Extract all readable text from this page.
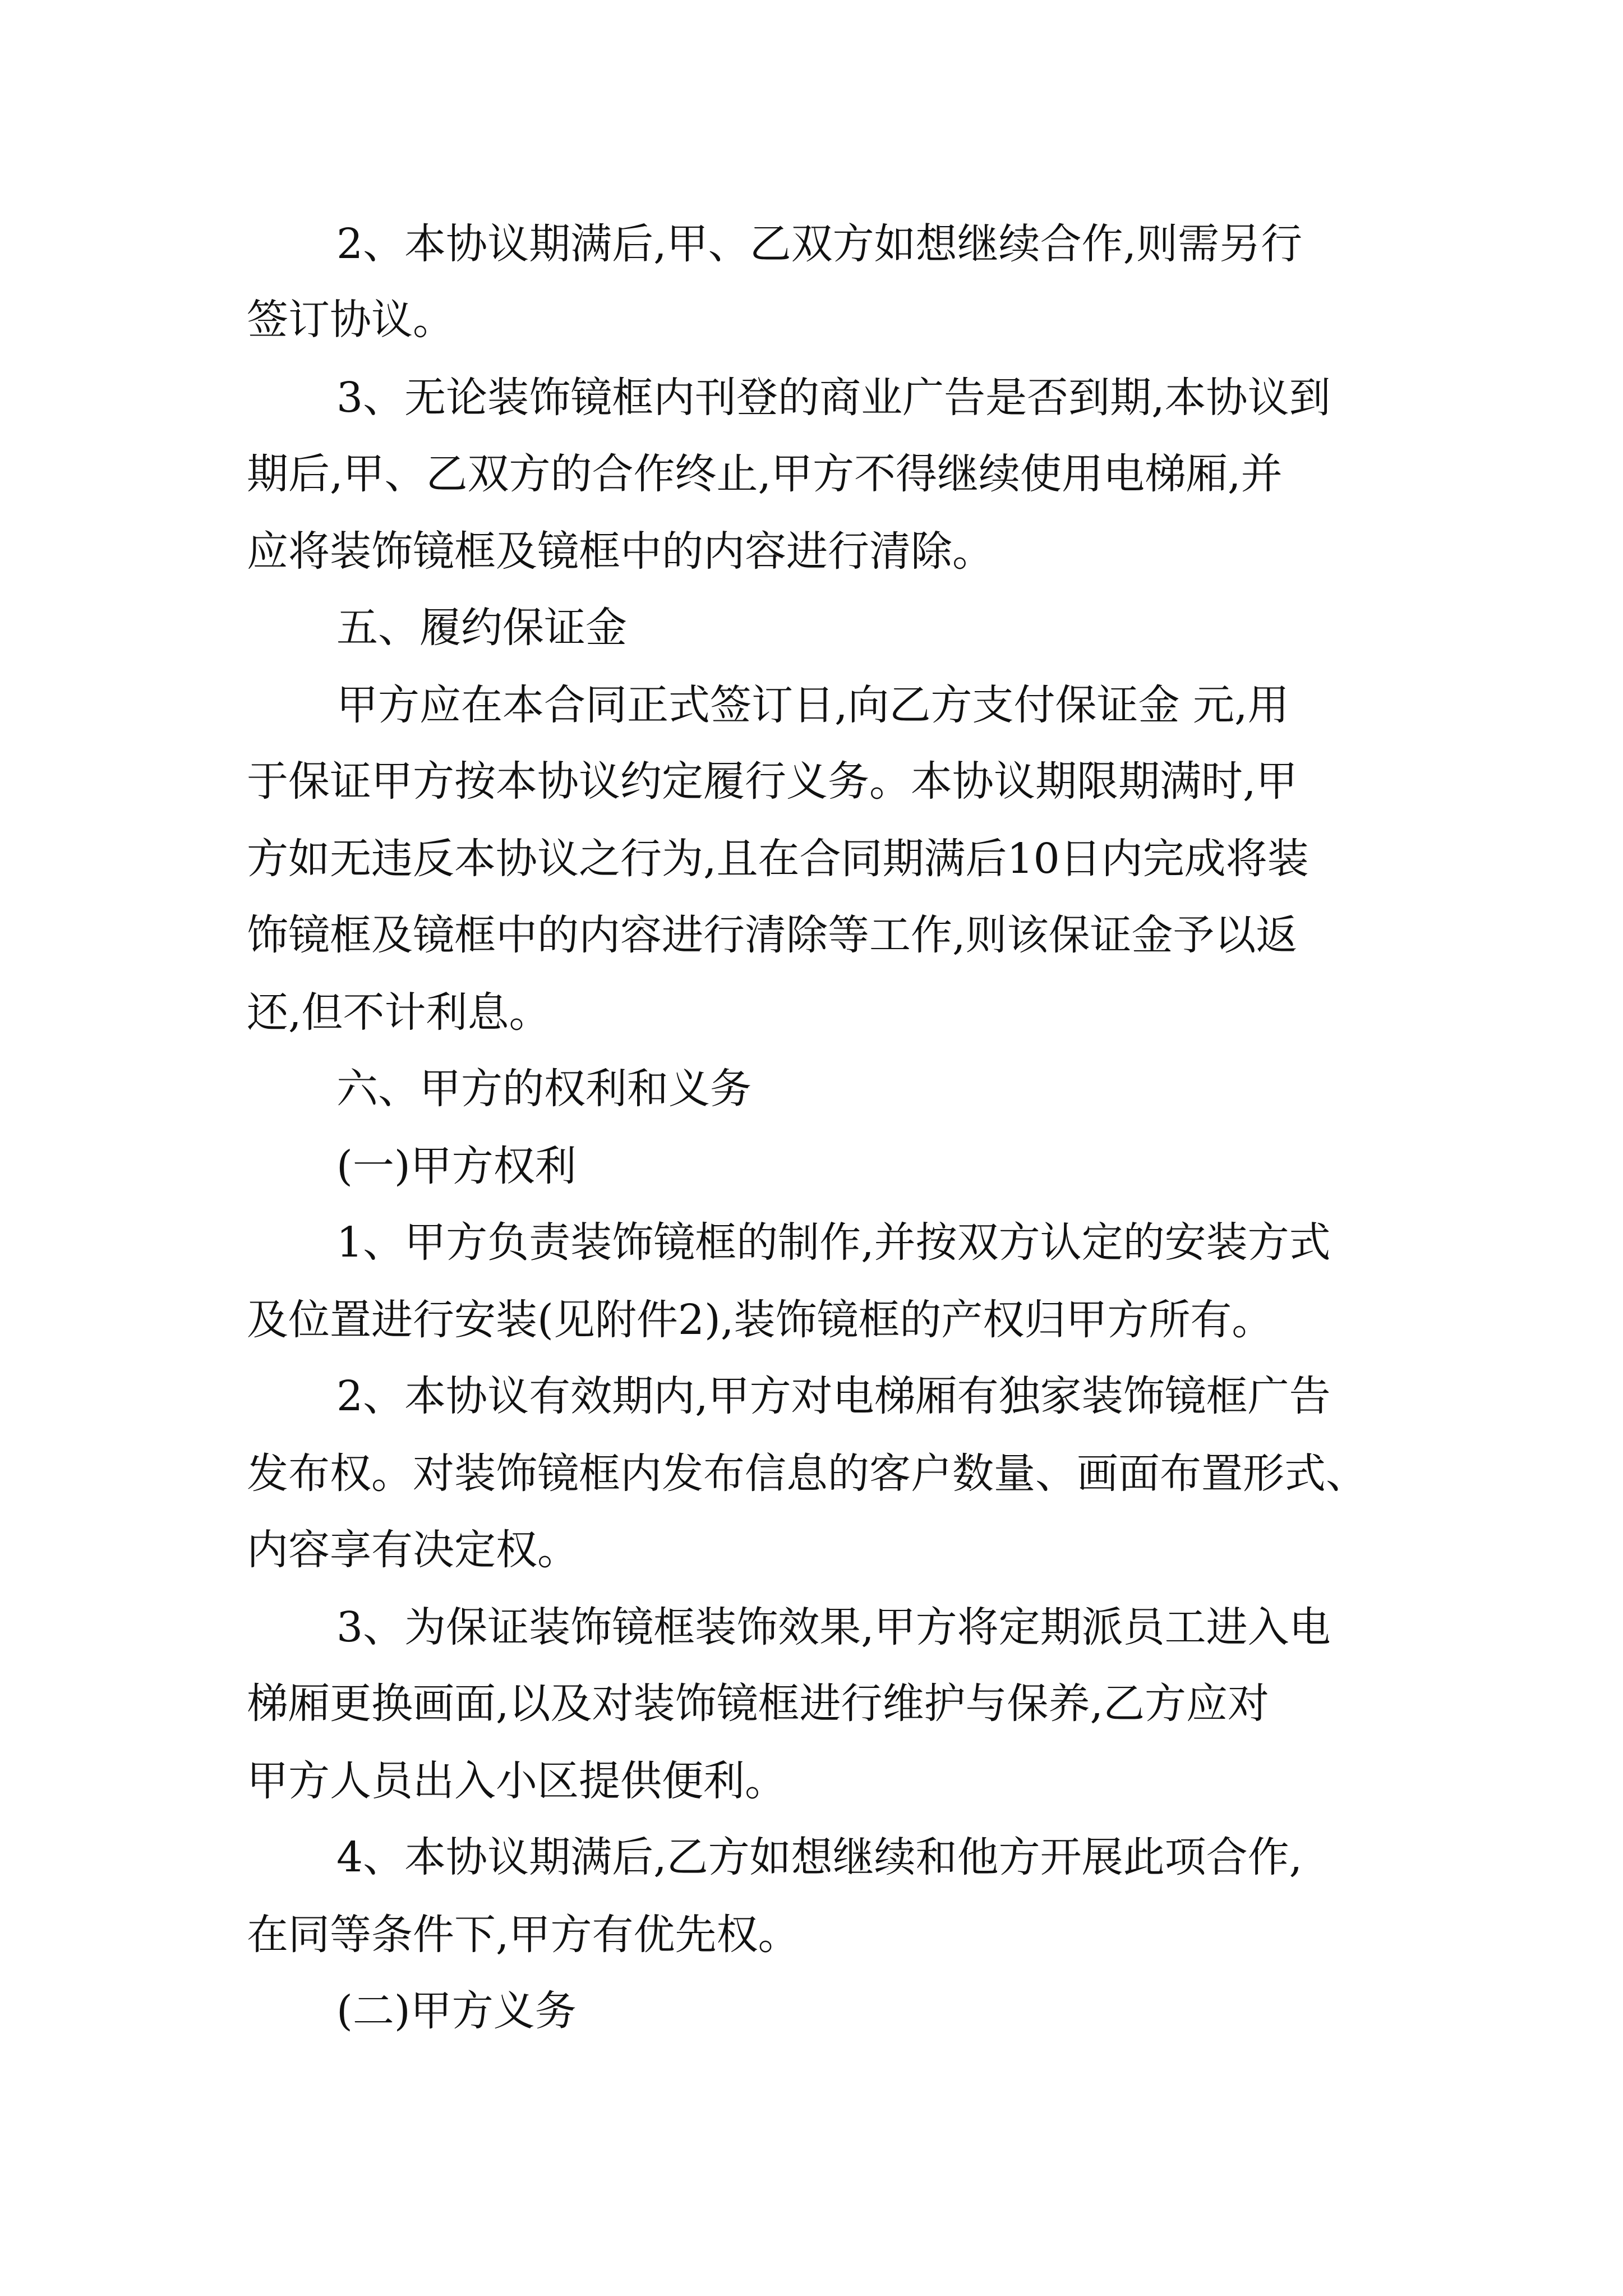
2、本协议期满后,甲、乙双方如想继续合作,则需另行

签订协议。

3、无论装饰镜框内刊登的商业广告是否到期,本协议到

期后,甲、乙双方的合作终止,甲方不得继续使用电梯厢,并

应将装饰镜框及镜框中的内容进行清除。

五、履约保证金

甲方应在本合同正式签订日,向乙方支付保证金 元,用

于保证甲方按本协议约定履行义务。本协议期限期满时,甲

方如无违反本协议之行为,且在合同期满后10日内完成将装

饰镜框及镜框中的内容进行清除等工作,则该保证金予以返

还,但不计利息。

六、甲方的权利和义务

(一)甲方权利

1、甲方负责装饰镜框的制作,并按双方认定的安装方式

及位置进行安装(见附件2),装饰镜框的产权归甲方所有。

2、本协议有效期内,甲方对电梯厢有独家装饰镜框广告

发布权。对装饰镜框内发布信息的客户数量、画面布置形式、

内容享有决定权。

3、为保证装饰镜框装饰效果,甲方将定期派员工进入电

梯厢更换画面,以及对装饰镜框进行维护与保养,乙方应对

甲方人员出入小区提供便利。

4、本协议期满后,乙方如想继续和他方开展此项合作,

在同等条件下,甲方有优先权。

(二)甲方义务
